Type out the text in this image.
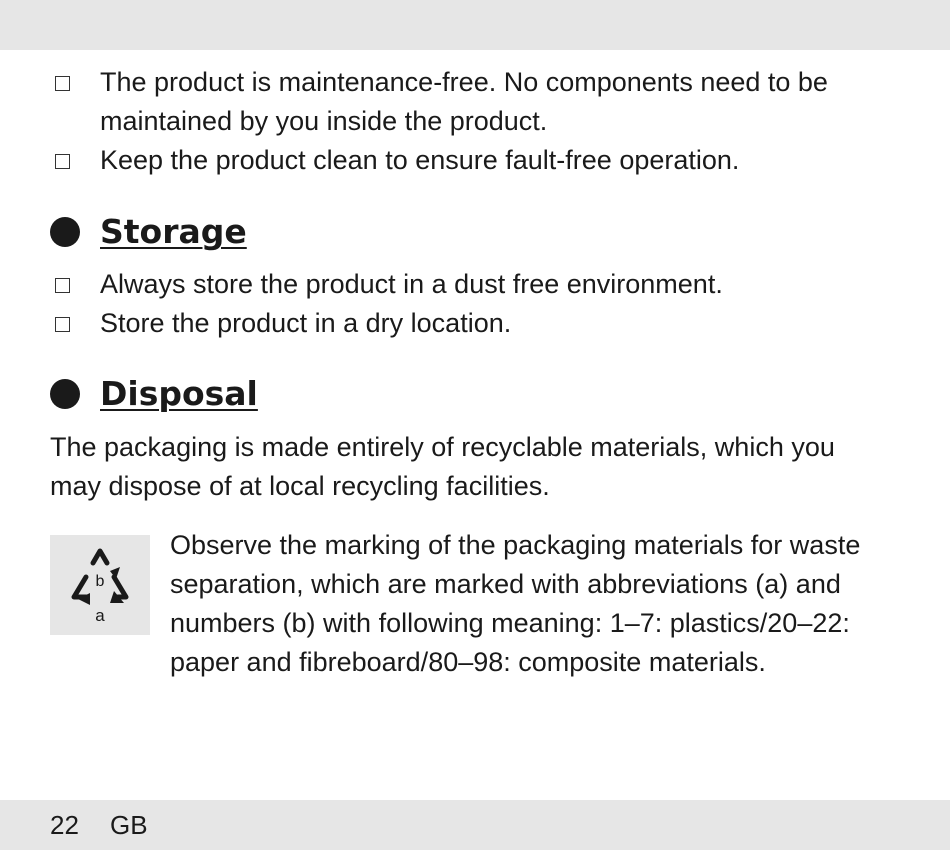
The product is maintenance-free. No components need to be maintained by you inside the product.
Keep the product clean to ensure fault-free operation.
Storage
Always store the product in a dust free environment.
Store the product in a dry location.
Disposal

The packaging is made entirely of recyclable materials, which you may dispose of at local recycling facilities.

b
a

Observe the marking of the packaging materials for waste separation, which are marked with abbreviations (a) and numbers (b) with following meaning: 1–7: plastics/20–22: paper and fibreboard/80–98: composite materials.

22 GB
